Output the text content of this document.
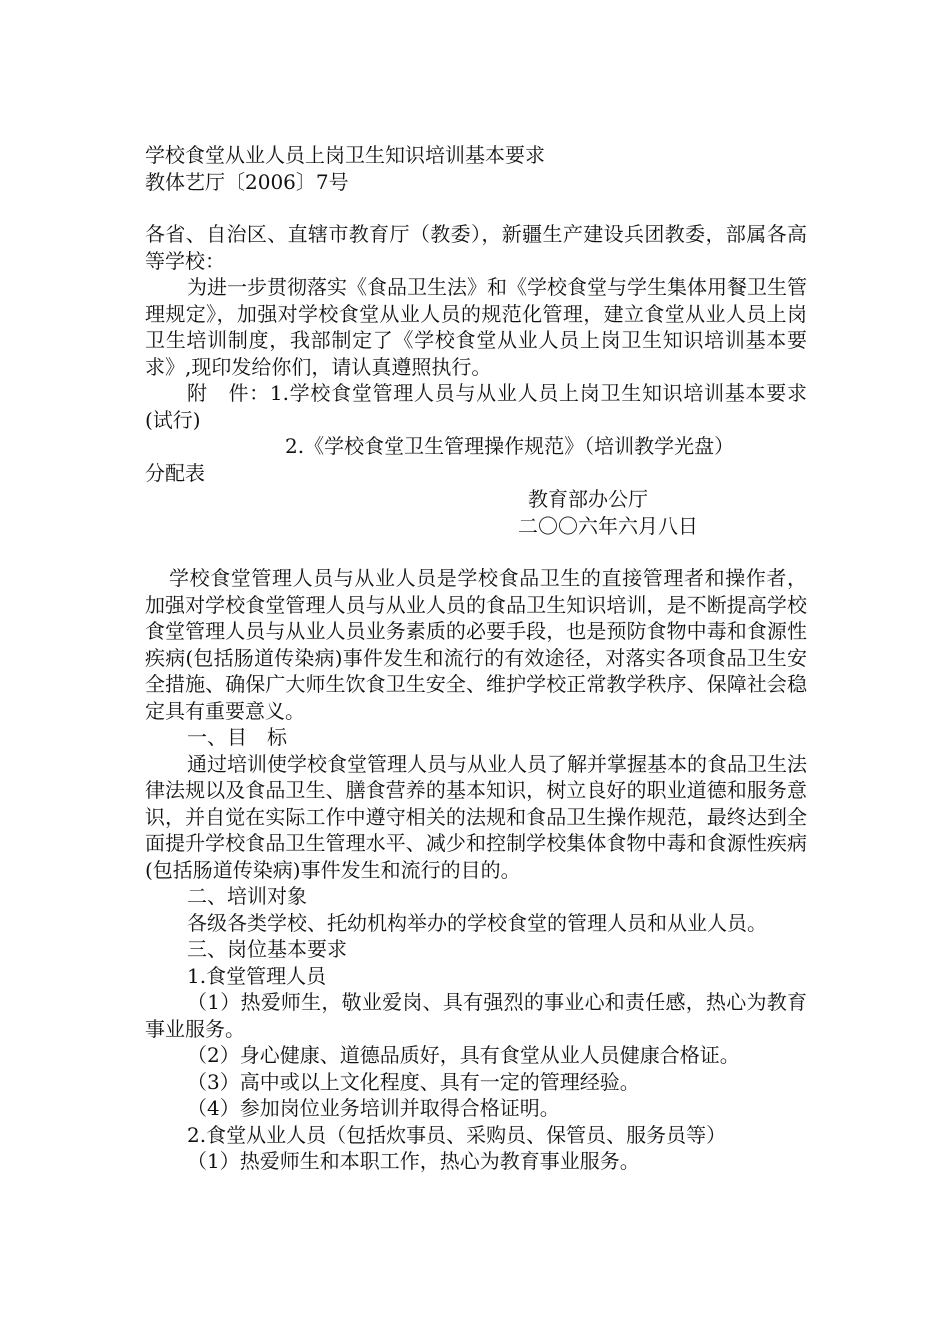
学校食堂从业人员上岗卫生知识培训基本要求

教体艺厅〔2006〕7号

各省、自治区、直辖市教育厅（教委），新疆生产建设兵团教委，部属各高等学校：

为进一步贯彻落实《食品卫生法》和《学校食堂与学生集体用餐卫生管理规定》，加强对学校食堂从业人员的规范化管理，建立食堂从业人员上岗卫生培训制度，我部制定了《学校食堂从业人员上岗卫生知识培训基本要求》,现印发给你们，请认真遵照执行。

附　件：1.学校食堂管理人员与从业人员上岗卫生知识培训基本要求(试行)

2.《学校食堂卫生管理操作规范》（培训教学光盘）

分配表

教育部办公厅

二〇〇六年六月八日

学校食堂管理人员与从业人员是学校食品卫生的直接管理者和操作者，加强对学校食堂管理人员与从业人员的食品卫生知识培训，是不断提高学校食堂管理人员与从业人员业务素质的必要手段，也是预防食物中毒和食源性疾病(包括肠道传染病)事件发生和流行的有效途径，对落实各项食品卫生安全措施、确保广大师生饮食卫生安全、维护学校正常教学秩序、保障社会稳定具有重要意义。

一、目　标

通过培训使学校食堂管理人员与从业人员了解并掌握基本的食品卫生法律法规以及食品卫生、膳食营养的基本知识，树立良好的职业道德和服务意识，并自觉在实际工作中遵守相关的法规和食品卫生操作规范，最终达到全面提升学校食品卫生管理水平、减少和控制学校集体食物中毒和食源性疾病(包括肠道传染病)事件发生和流行的目的。

二、培训对象

各级各类学校、托幼机构举办的学校食堂的管理人员和从业人员。

三、岗位基本要求

1.食堂管理人员

（1）热爱师生，敬业爱岗、具有强烈的事业心和责任感，热心为教育事业服务。

（2）身心健康、道德品质好，具有食堂从业人员健康合格证。

（3）高中或以上文化程度、具有一定的管理经验。

（4）参加岗位业务培训并取得合格证明。

2.食堂从业人员（包括炊事员、采购员、保管员、服务员等）

（1）热爱师生和本职工作，热心为教育事业服务。
